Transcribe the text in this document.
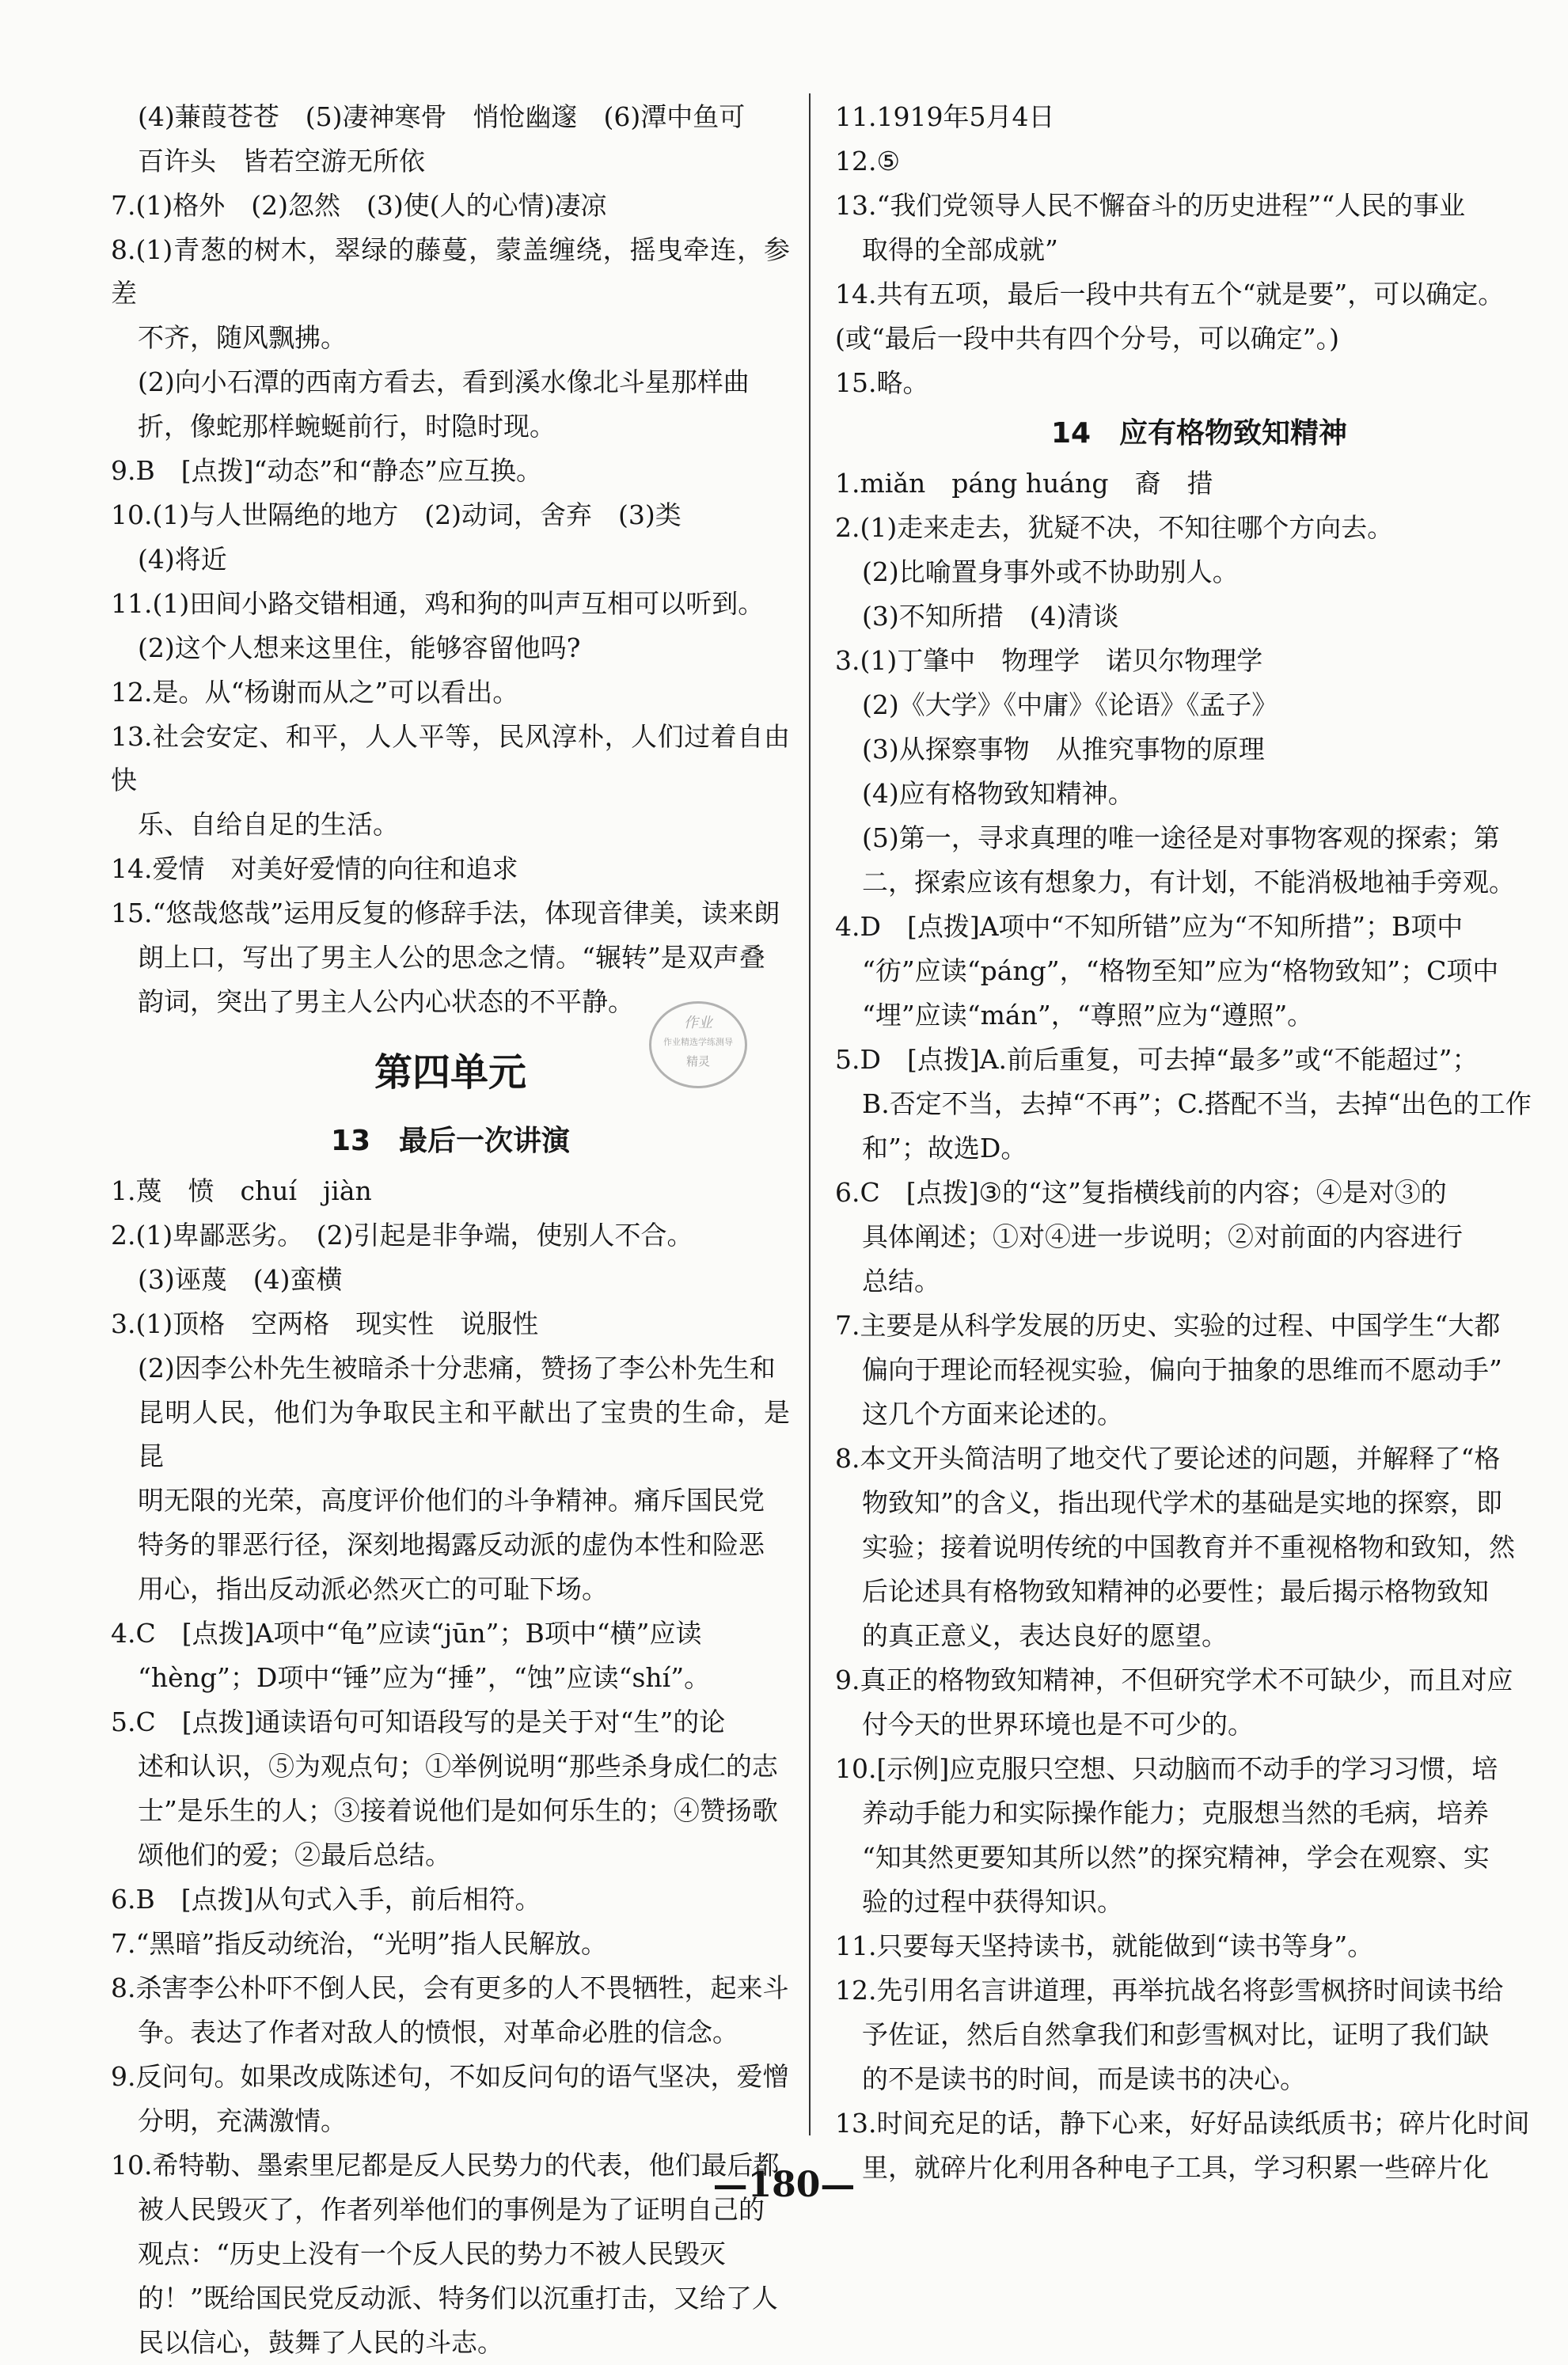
(4)蒹葭苍苍　(5)凄神寒骨　悄怆幽邃　(6)潭中鱼可
百许头　皆若空游无所依
7.(1)格外　(2)忽然　(3)使(人的心情)凄凉
8.(1)青葱的树木，翠绿的藤蔓，蒙盖缠绕，摇曳牵连，参差
不齐，随风飘拂。
(2)向小石潭的西南方看去，看到溪水像北斗星那样曲
折，像蛇那样蜿蜒前行，时隐时现。
9.B　[点拨]“动态”和“静态”应互换。
10.(1)与人世隔绝的地方　(2)动词，舍弃　(3)类
(4)将近
11.(1)田间小路交错相通，鸡和狗的叫声互相可以听到。
(2)这个人想来这里住，能够容留他吗?
12.是。从“杨谢而从之”可以看出。
13.社会安定、和平，人人平等，民风淳朴，人们过着自由快
乐、自给自足的生活。
14.爱情　对美好爱情的向往和追求
15.“悠哉悠哉”运用反复的修辞手法，体现音律美，读来朗
朗上口，写出了男主人公的思念之情。“辗转”是双声叠
韵词，突出了男主人公内心状态的不平静。
第四单元
13　最后一次讲演
1.蔑　愤　chuí　jiàn
2.(1)卑鄙恶劣。　(2)引起是非争端，使别人不合。
(3)诬蔑　(4)蛮横
3.(1)顶格　空两格　现实性　说服性
(2)因李公朴先生被暗杀十分悲痛，赞扬了李公朴先生和
昆明人民，他们为争取民主和平献出了宝贵的生命，是昆
明无限的光荣，高度评价他们的斗争精神。痛斥国民党
特务的罪恶行径，深刻地揭露反动派的虚伪本性和险恶
用心，指出反动派必然灭亡的可耻下场。
4.C　[点拨]A项中“龟”应读“jūn”；B项中“横”应读
“hèng”；D项中“锤”应为“捶”，“蚀”应读“shí”。
5.C　[点拨]通读语句可知语段写的是关于对“生”的论
述和认识，⑤为观点句；①举例说明“那些杀身成仁的志
士”是乐生的人；③接着说他们是如何乐生的；④赞扬歌
颂他们的爱；②最后总结。
6.B　[点拨]从句式入手，前后相符。
7.“黑暗”指反动统治，“光明”指人民解放。
8.杀害李公朴吓不倒人民，会有更多的人不畏牺牲，起来斗
争。表达了作者对敌人的愤恨，对革命必胜的信念。
9.反问句。如果改成陈述句，不如反问句的语气坚决，爱憎
分明，充满激情。
10.希特勒、墨索里尼都是反人民势力的代表，他们最后都
被人民毁灭了，作者列举他们的事例是为了证明自己的
观点：“历史上没有一个反人民的势力不被人民毁灭
的！”既给国民党反动派、特务们以沉重打击，又给了人
民以信心，鼓舞了人民的斗志。
11.1919年5月4日
12.⑤
13.“我们党领导人民不懈奋斗的历史进程”“人民的事业
取得的全部成就”
14.共有五项，最后一段中共有五个“就是要”，可以确定。
(或“最后一段中共有四个分号，可以确定”。)
15.略。
14　应有格物致知精神
1.miǎn　páng huáng　裔　措
2.(1)走来走去，犹疑不决，不知往哪个方向去。
(2)比喻置身事外或不协助别人。
(3)不知所措　(4)清谈
3.(1)丁肇中　物理学　诺贝尔物理学
(2)《大学》《中庸》《论语》《孟子》
(3)从探察事物　从推究事物的原理
(4)应有格物致知精神。
(5)第一，寻求真理的唯一途径是对事物客观的探索；第
二，探索应该有想象力，有计划，不能消极地袖手旁观。
4.D　[点拨]A项中“不知所错”应为“不知所措”；B项中
“彷”应读“páng”，“格物至知”应为“格物致知”；C项中
“埋”应读“mán”，“尊照”应为“遵照”。
5.D　[点拨]A.前后重复，可去掉“最多”或“不能超过”；
B.否定不当，去掉“不再”；C.搭配不当，去掉“出色的工作
和”；故选D。
6.C　[点拨]③的“这”复指横线前的内容；④是对③的
具体阐述；①对④进一步说明；②对前面的内容进行
总结。
7.主要是从科学发展的历史、实验的过程、中国学生“大都
偏向于理论而轻视实验，偏向于抽象的思维而不愿动手”
这几个方面来论述的。
8.本文开头简洁明了地交代了要论述的问题，并解释了“格
物致知”的含义，指出现代学术的基础是实地的探察，即
实验；接着说明传统的中国教育并不重视格物和致知，然
后论述具有格物致知精神的必要性；最后揭示格物致知
的真正意义，表达良好的愿望。
9.真正的格物致知精神，不但研究学术不可缺少，而且对应
付今天的世界环境也是不可少的。
10.[示例]应克服只空想、只动脑而不动手的学习习惯，培
养动手能力和实际操作能力；克服想当然的毛病，培养
“知其然更要知其所以然”的探究精神，学会在观察、实
验的过程中获得知识。
11.只要每天坚持读书，就能做到“读书等身”。
12.先引用名言讲道理，再举抗战名将彭雪枫挤时间读书给
予佐证，然后自然拿我们和彭雪枫对比，证明了我们缺
的不是读书的时间，而是读书的决心。
13.时间充足的话，静下心来，好好品读纸质书；碎片化时间
里，就碎片化利用各种电子工具，学习积累一些碎片化
作业
作业精选学练测导
精灵
—180—
